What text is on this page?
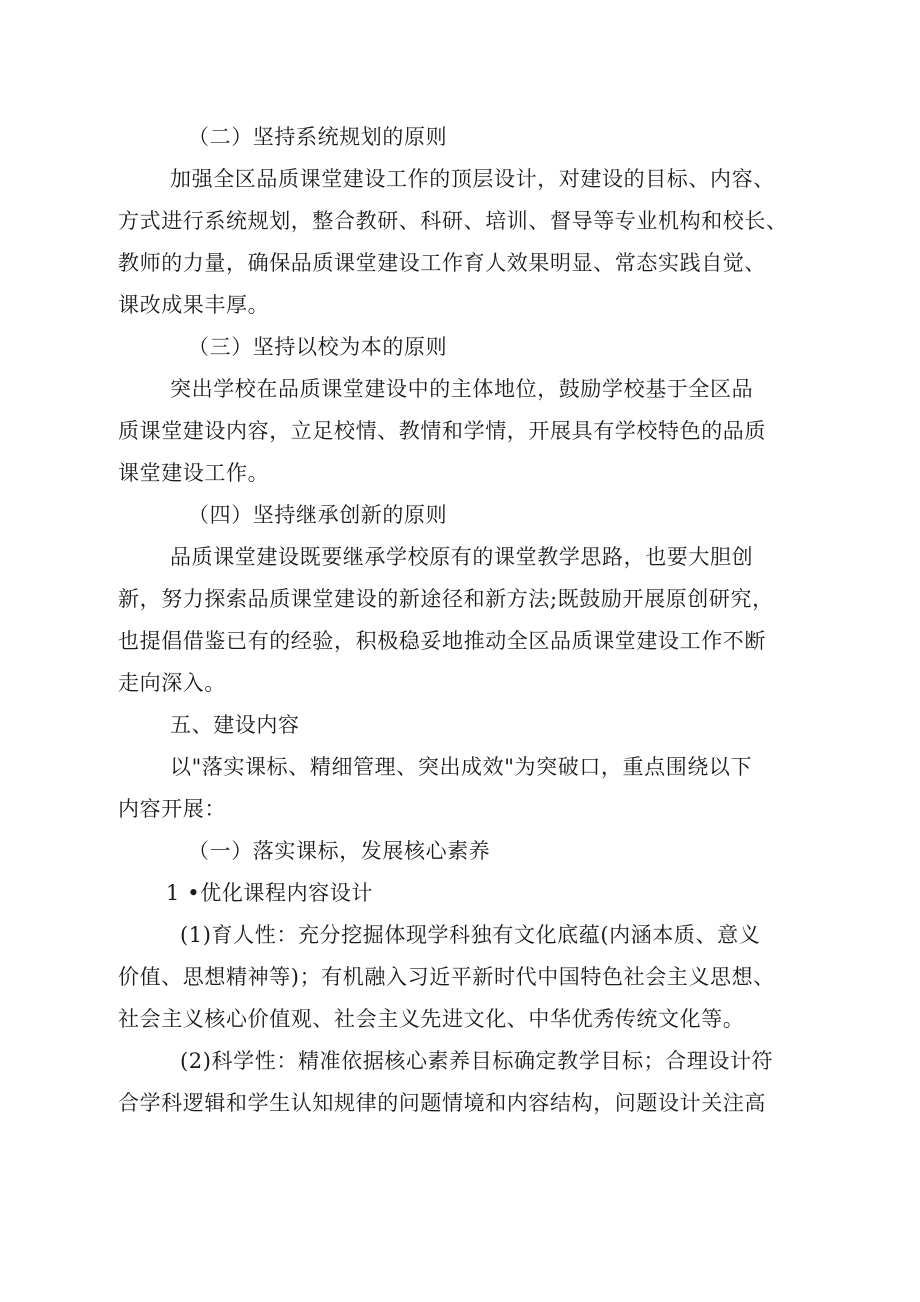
（二）坚持系统规划的原则
加强全区品质课堂建设工作的顶层设计，对建设的目标、内容、
方式进行系统规划，整合教研、科研、培训、督导等专业机构和校长、
教师的力量，确保品质课堂建设工作育人效果明显、常态实践自觉、
课改成果丰厚。
（三）坚持以校为本的原则
突出学校在品质课堂建设中的主体地位，鼓励学校基于全区品
质课堂建设内容，立足校情、教情和学情，开展具有学校特色的品质
课堂建设工作。
（四）坚持继承创新的原则
品质课堂建设既要继承学校原有的课堂教学思路，也要大胆创
新，努力探索品质课堂建设的新途径和新方法;既鼓励开展原创研究，
也提倡借鉴已有的经验，积极稳妥地推动全区品质课堂建设工作不断
走向深入。
五、建设内容
以"落实课标、精细管理、突出成效"为突破口，重点围绕以下
内容开展：
（一）落实课标，发展核心素养
1 •优化课程内容设计
(1)育人性：充分挖掘体现学科独有文化底蕴(内涵本质、意义
价值、思想精神等)；有机融入习近平新时代中国特色社会主义思想、
社会主义核心价值观、社会主义先进文化、中华优秀传统文化等。
(2)科学性：精准依据核心素养目标确定教学目标；合理设计符
合学科逻辑和学生认知规律的问题情境和内容结构，问题设计关注高
